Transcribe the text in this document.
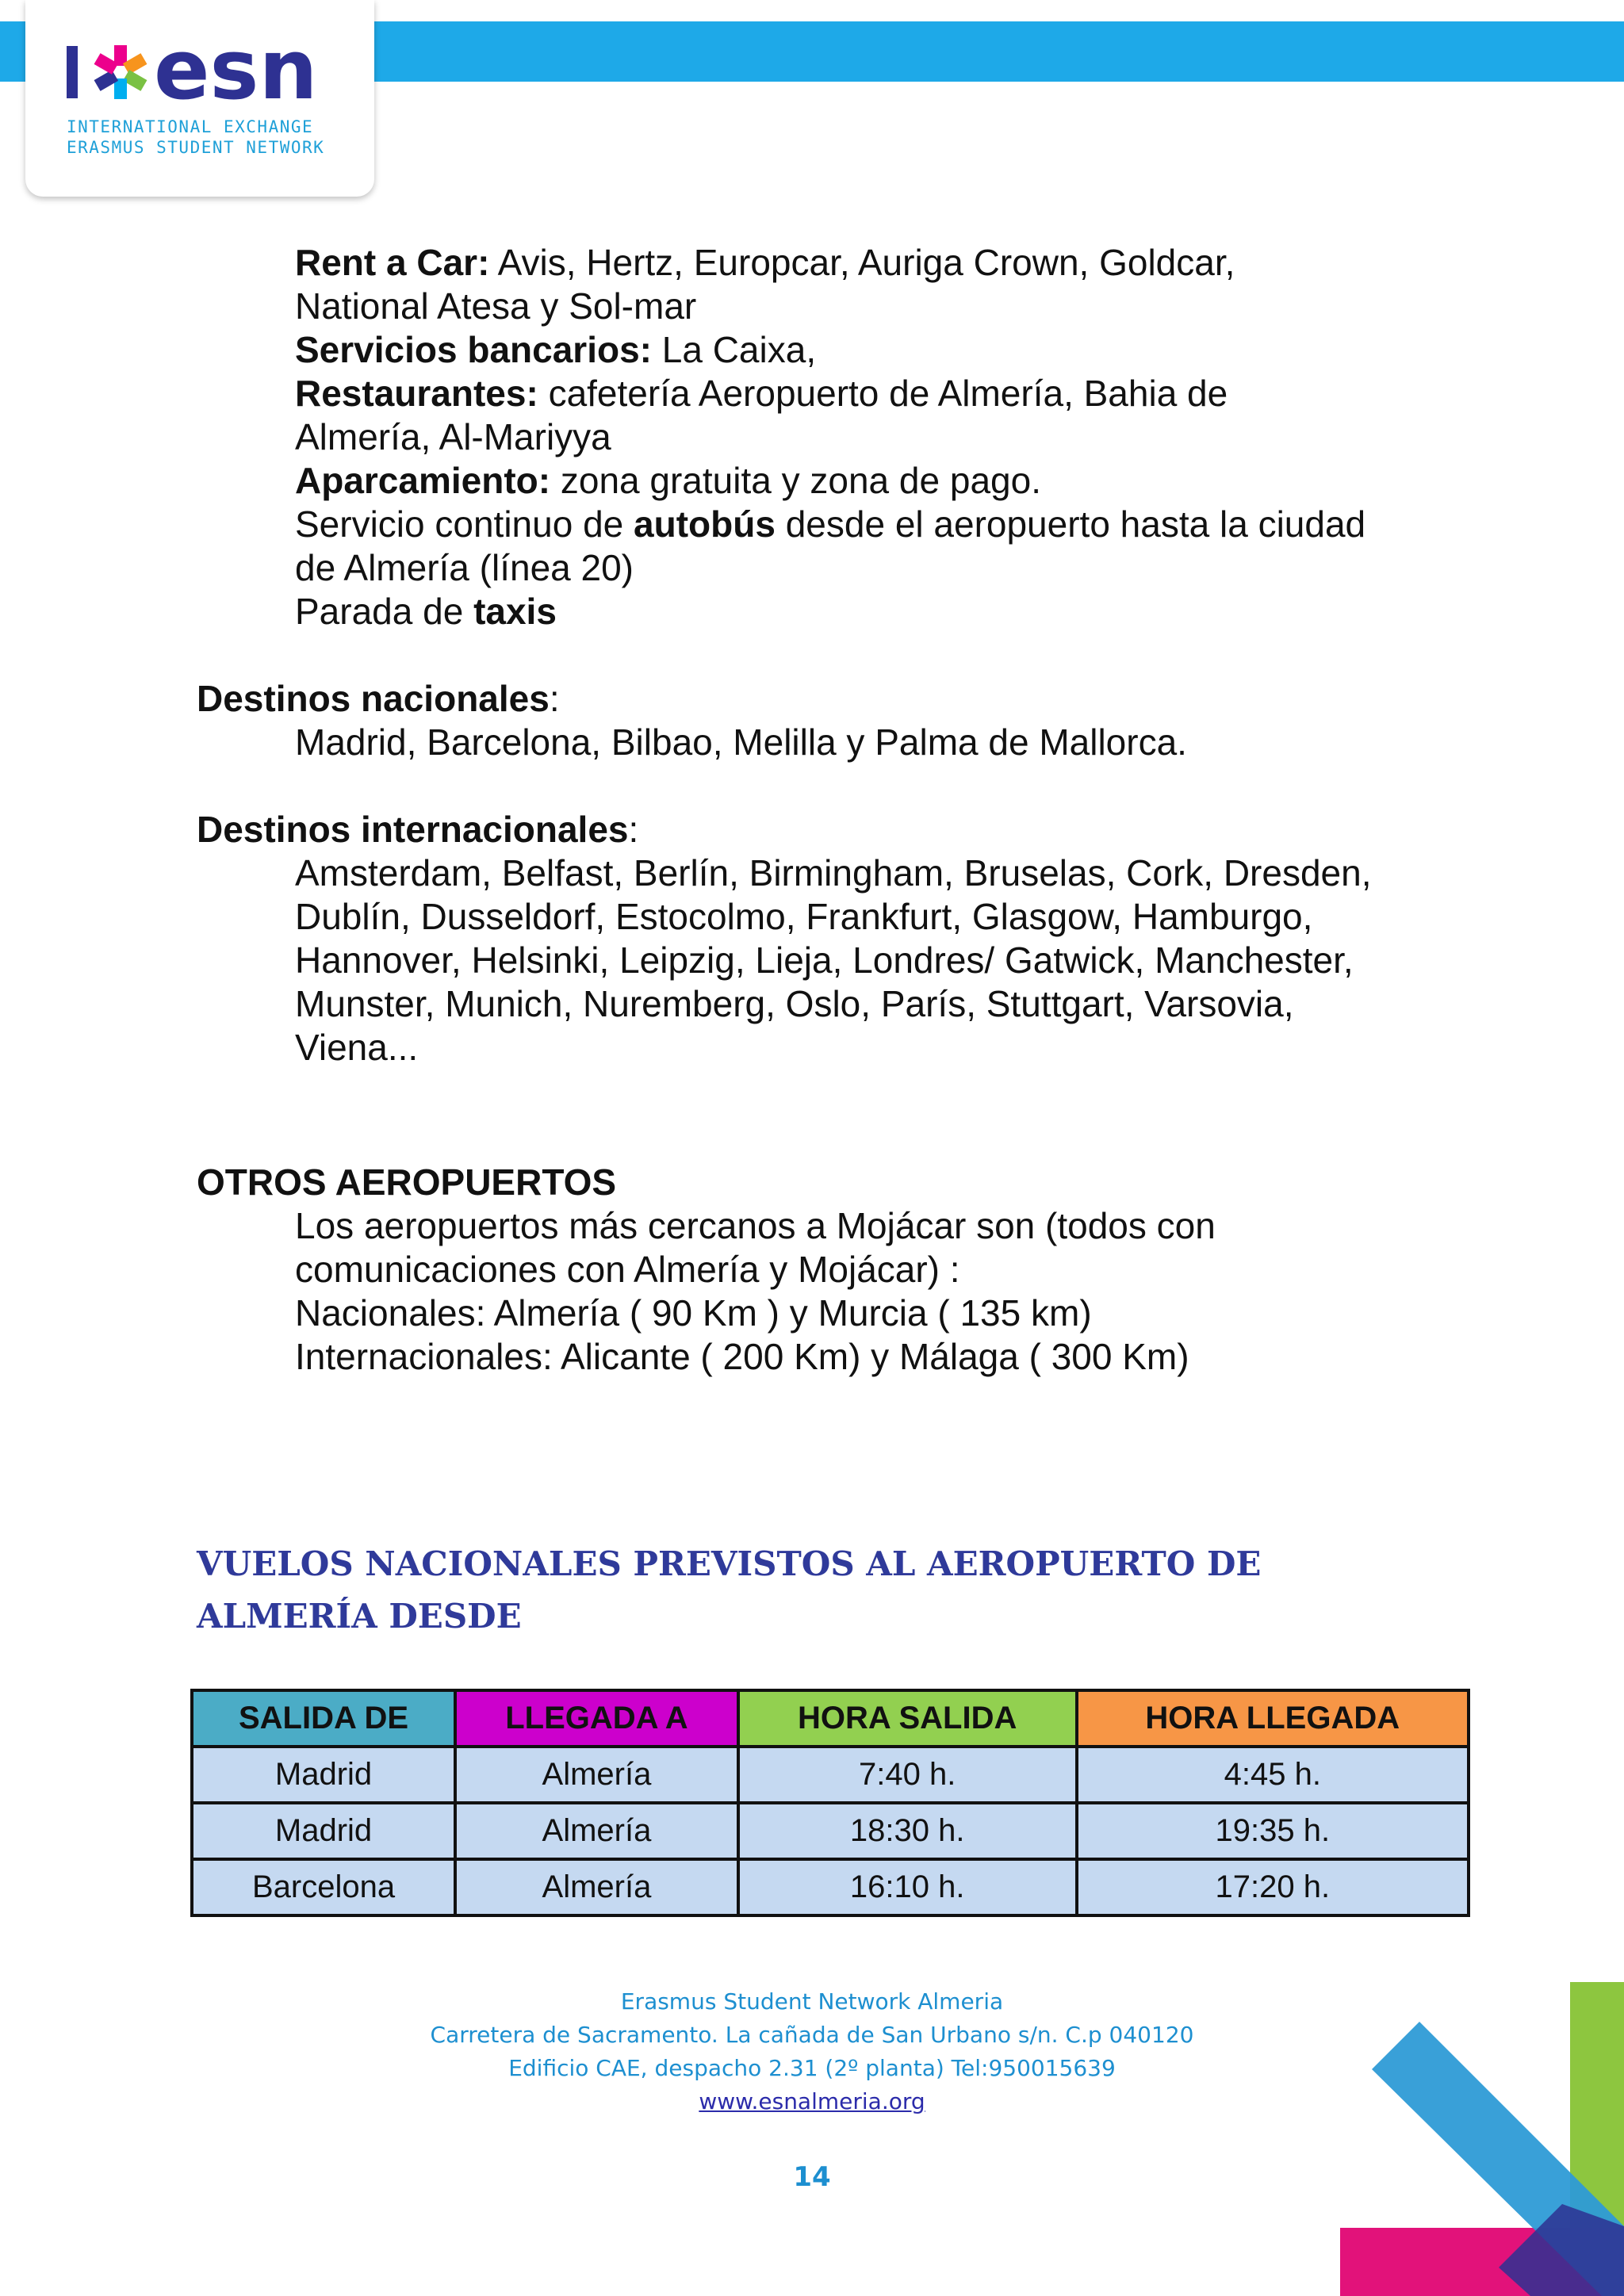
esn
INTERNATIONAL EXCHANGE
ERASMUS STUDENT NETWORK
Rent a Car: Avis, Hertz, Europcar, Auriga Crown, Goldcar,
National Atesa y Sol-mar
Servicios bancarios: La Caixa,
Restaurantes: cafetería Aeropuerto de Almería, Bahia de
Almería, Al-Mariyya
Aparcamiento: zona gratuita y zona de pago.
Servicio continuo de autobús desde el aeropuerto hasta la ciudad
de Almería (línea 20)
Parada de taxis
Destinos nacionales:
Madrid, Barcelona, Bilbao, Melilla y Palma de Mallorca.
Destinos internacionales:
Amsterdam, Belfast, Berlín, Birmingham, Bruselas, Cork, Dresden,
Dublín, Dusseldorf, Estocolmo, Frankfurt, Glasgow, Hamburgo,
Hannover, Helsinki, Leipzig, Lieja, Londres/ Gatwick, Manchester,
Munster, Munich, Nuremberg, Oslo, París, Stuttgart, Varsovia,
Viena...
OTROS AEROPUERTOS
Los aeropuertos más cercanos a Mojácar son (todos con
comunicaciones con Almería y Mojácar) :
Nacionales: Almería ( 90 Km ) y Murcia ( 135 km)
Internacionales: Alicante ( 200 Km) y Málaga ( 300 Km)
VUELOS NACIONALES PREVISTOS AL AEROPUERTO DE ALMERÍA DESDE
SALIDA DE	LLEGADA A	HORA SALIDA	HORA LLEGADA
Madrid	Almería	7:40 h.	4:45 h.
Madrid	Almería	18:30 h.	19:35 h.
Barcelona	Almería	16:10 h.	17:20 h.
Erasmus Student Network Almeria
Carretera de Sacramento. La cañada de San Urbano s/n. C.p 040120
Edificio CAE, despacho 2.31 (2º planta) Tel:950015639
www.esnalmeria.org
14
